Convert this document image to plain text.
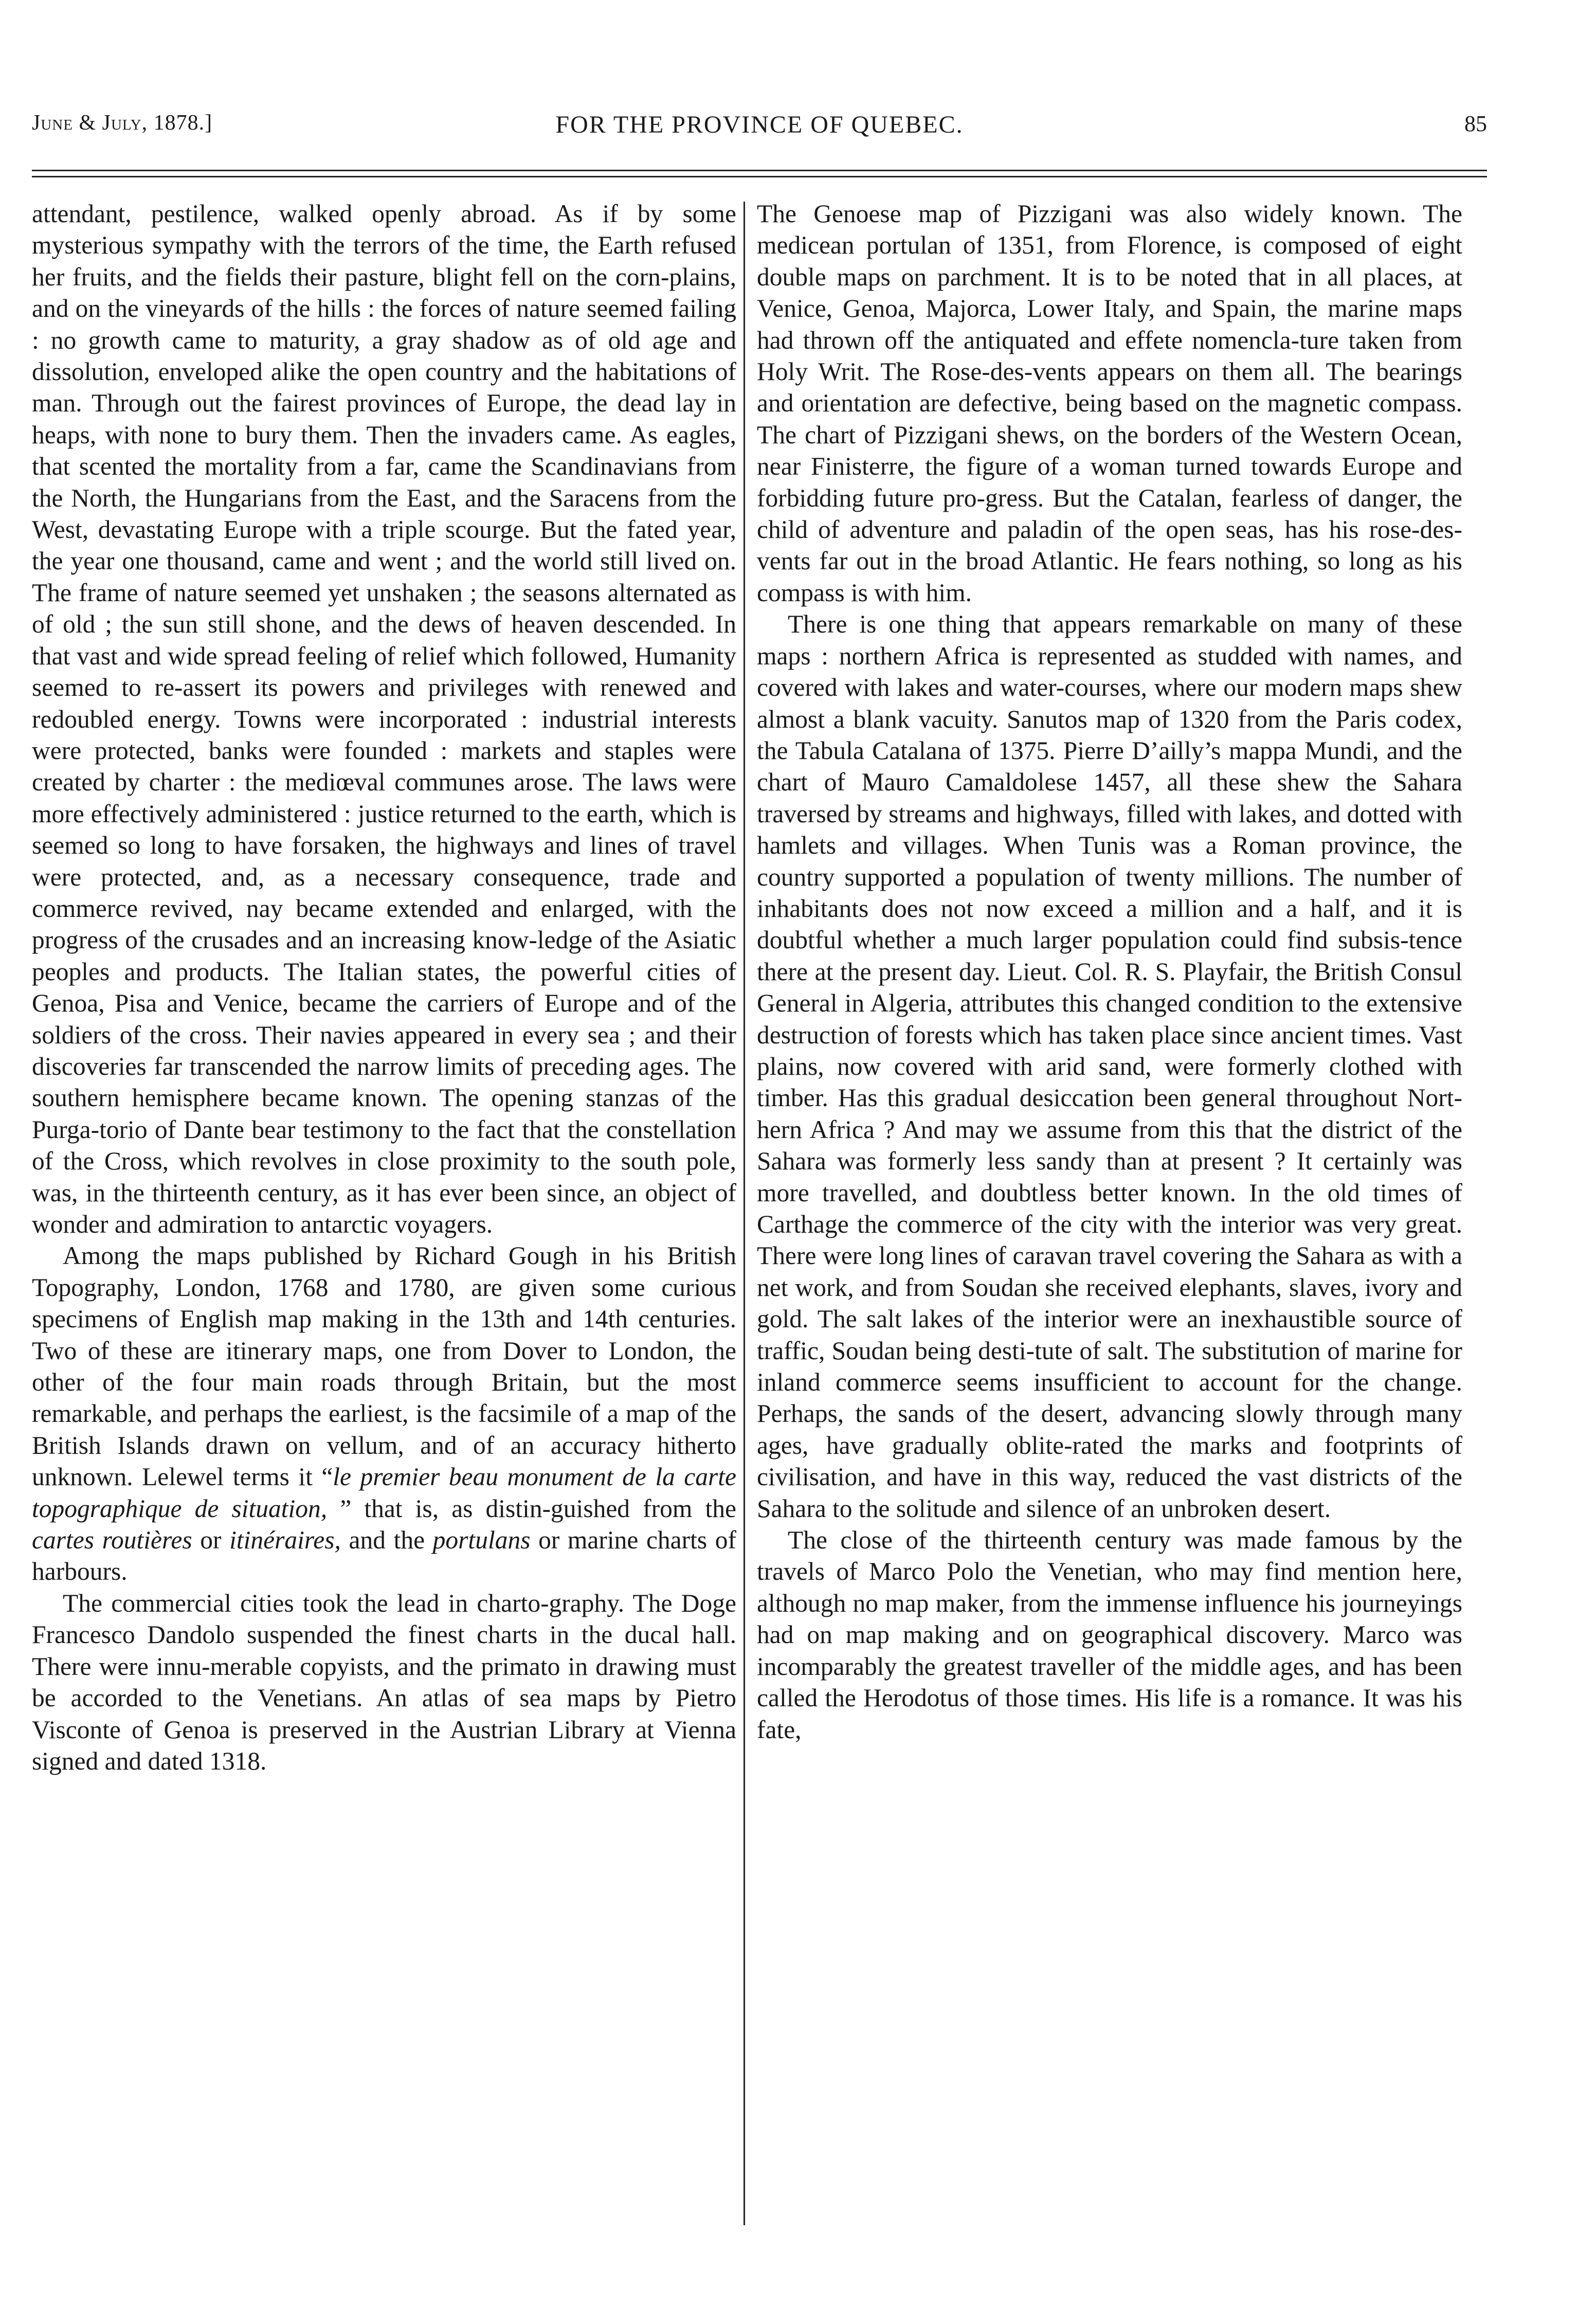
June & July, 1878.]	FOR THE PROVINCE OF QUEBEC.	85

attendant, pestilence, walked openly abroad. As if by some mysterious sympathy with the terrors of the time, the Earth refused her fruits, and the fields their pasture, blight fell on the corn-plains, and on the vineyards of the hills : the forces of nature seemed failing : no growth came to maturity, a gray shadow as of old age and dissolution, enveloped alike the open country and the habitations of man. Through out the fairest provinces of Europe, the dead lay in heaps, with none to bury them. Then the invaders came. As eagles, that scented the mortality from a far, came the Scandinavians from the North, the Hungarians from the East, and the Saracens from the West, devastating Europe with a triple scourge. But the fated year, the year one thousand, came and went ; and the world still lived on. The frame of nature seemed yet unshaken ; the seasons alternated as of old ; the sun still shone, and the dews of heaven descended. In that vast and wide spread feeling of relief which followed, Humanity seemed to re-assert its powers and privileges with renewed and redoubled energy. Towns were incorporated : industrial interests were protected, banks were founded : markets and staples were created by charter : the mediœval communes arose. The laws were more effectively administered : justice returned to the earth, which is seemed so long to have forsaken, the highways and lines of travel were protected, and, as a necessary consequence, trade and commerce revived, nay became extended and enlarged, with the progress of the crusades and an increasing know-ledge of the Asiatic peoples and products. The Italian states, the powerful cities of Genoa, Pisa and Venice, became the carriers of Europe and of the soldiers of the cross. Their navies appeared in every sea ; and their discoveries far transcended the narrow limits of preceding ages. The southern hemisphere became known. The opening stanzas of the Purga-torio of Dante bear testimony to the fact that the constellation of the Cross, which revolves in close proximity to the south pole, was, in the thirteenth century, as it has ever been since, an object of wonder and admiration to antarctic voyagers.

Among the maps published by Richard Gough in his British Topography, London, 1768 and 1780, are given some curious specimens of English map making in the 13th and 14th centuries. Two of these are itinerary maps, one from Dover to London, the other of the four main roads through Britain, but the most remarkable, and perhaps the earliest, is the facsimile of a map of the British Islands drawn on vellum, and of an accuracy hitherto unknown. Lelewel terms it “le premier beau monument de la carte topographique de situation, ” that is, as distin-guished from the cartes routières or itinéraires, and the portulans or marine charts of harbours.

The commercial cities took the lead in charto-graphy. The Doge Francesco Dandolo suspended the finest charts in the ducal hall. There were innu-merable copyists, and the primato in drawing must be accorded to the Venetians. An atlas of sea maps by Pietro Visconte of Genoa is preserved in the Austrian Library at Vienna signed and dated 1318.

The Genoese map of Pizzigani was also widely known. The medicean portulan of 1351, from Florence, is composed of eight double maps on parchment. It is to be noted that in all places, at Venice, Genoa, Majorca, Lower Italy, and Spain, the marine maps had thrown off the antiquated and effete nomencla-ture taken from Holy Writ. The Rose-des-vents appears on them all. The bearings and orientation are defective, being based on the magnetic compass. The chart of Pizzigani shews, on the borders of the Western Ocean, near Finisterre, the figure of a woman turned towards Europe and forbidding future pro-gress. But the Catalan, fearless of danger, the child of adventure and paladin of the open seas, has his rose-des-vents far out in the broad Atlantic. He fears nothing, so long as his compass is with him.

There is one thing that appears remarkable on many of these maps : northern Africa is represented as studded with names, and covered with lakes and water-courses, where our modern maps shew almost a blank vacuity. Sanutos map of 1320 from the Paris codex, the Tabula Catalana of 1375. Pierre D’ailly’s mappa Mundi, and the chart of Mauro Camaldolese 1457, all these shew the Sahara traversed by streams and highways, filled with lakes, and dotted with hamlets and villages. When Tunis was a Roman province, the country supported a population of twenty millions. The number of inhabitants does not now exceed a million and a half, and it is doubtful whether a much larger population could find subsis-tence there at the present day. Lieut. Col. R. S. Playfair, the British Consul General in Algeria, attributes this changed condition to the extensive destruction of forests which has taken place since ancient times. Vast plains, now covered with arid sand, were formerly clothed with timber. Has this gradual desiccation been general throughout Nort-hern Africa ? And may we assume from this that the district of the Sahara was formerly less sandy than at present ? It certainly was more travelled, and doubtless better known. In the old times of Carthage the commerce of the city with the interior was very great. There were long lines of caravan travel covering the Sahara as with a net work, and from Soudan she received elephants, slaves, ivory and gold. The salt lakes of the interior were an inexhaustible source of traffic, Soudan being desti-tute of salt. The substitution of marine for inland commerce seems insufficient to account for the change. Perhaps, the sands of the desert, advancing slowly through many ages, have gradually oblite-rated the marks and footprints of civilisation, and have in this way, reduced the vast districts of the Sahara to the solitude and silence of an unbroken desert.

The close of the thirteenth century was made famous by the travels of Marco Polo the Venetian, who may find mention here, although no map maker, from the immense influence his journeyings had on map making and on geographical discovery. Marco was incomparably the greatest traveller of the middle ages, and has been called the Herodotus of those times. His life is a romance. It was his fate,
